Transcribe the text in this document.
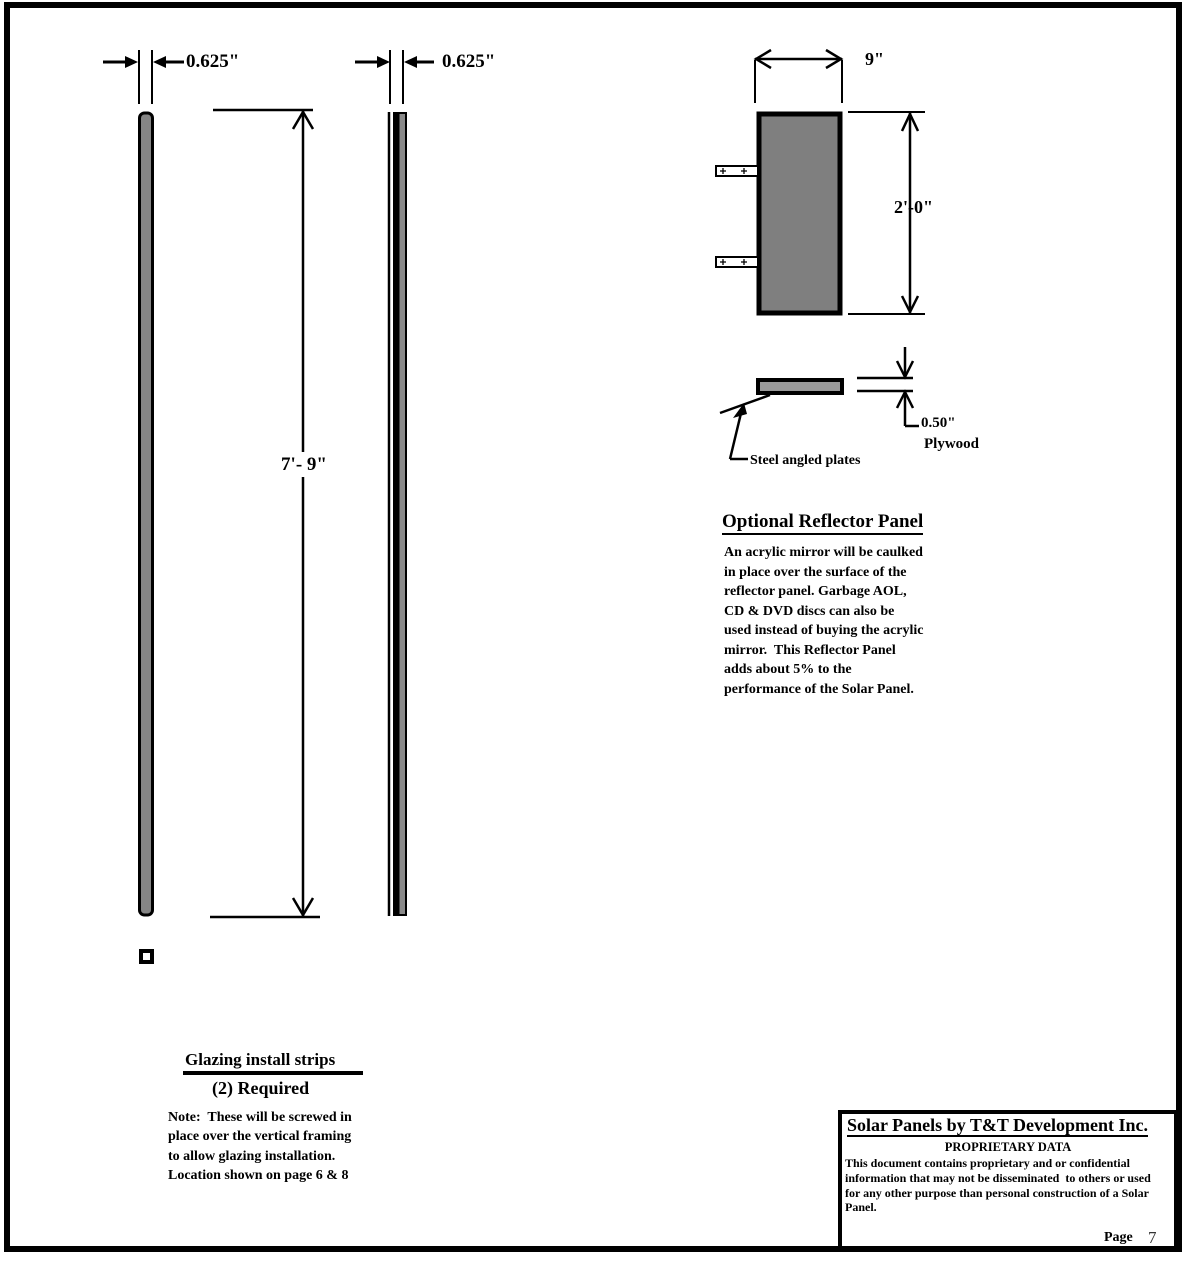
0.625"	0.625"
7'- 9"
9"
2'-0"
0.50"
Plywood
Steel angled plates
Optional Reflector Panel
An acrylic mirror will be caulked
in place over the surface of the
reflector panel. Garbage AOL,
CD & DVD discs can also be
used instead of buying the acrylic
mirror.  This Reflector Panel
adds about 5% to the
performance of the Solar Panel.
Glazing install strips
(2) Required
Note:  These will be screwed in
place over the vertical framing
to allow glazing installation.
Location shown on page 6 & 8
Solar Panels by T&T Development Inc.
PROPRIETARY DATA
This document contains proprietary and or confidential
information that may not be disseminated  to others or used
for any other purpose than personal construction of a Solar
Panel.
Page 7
